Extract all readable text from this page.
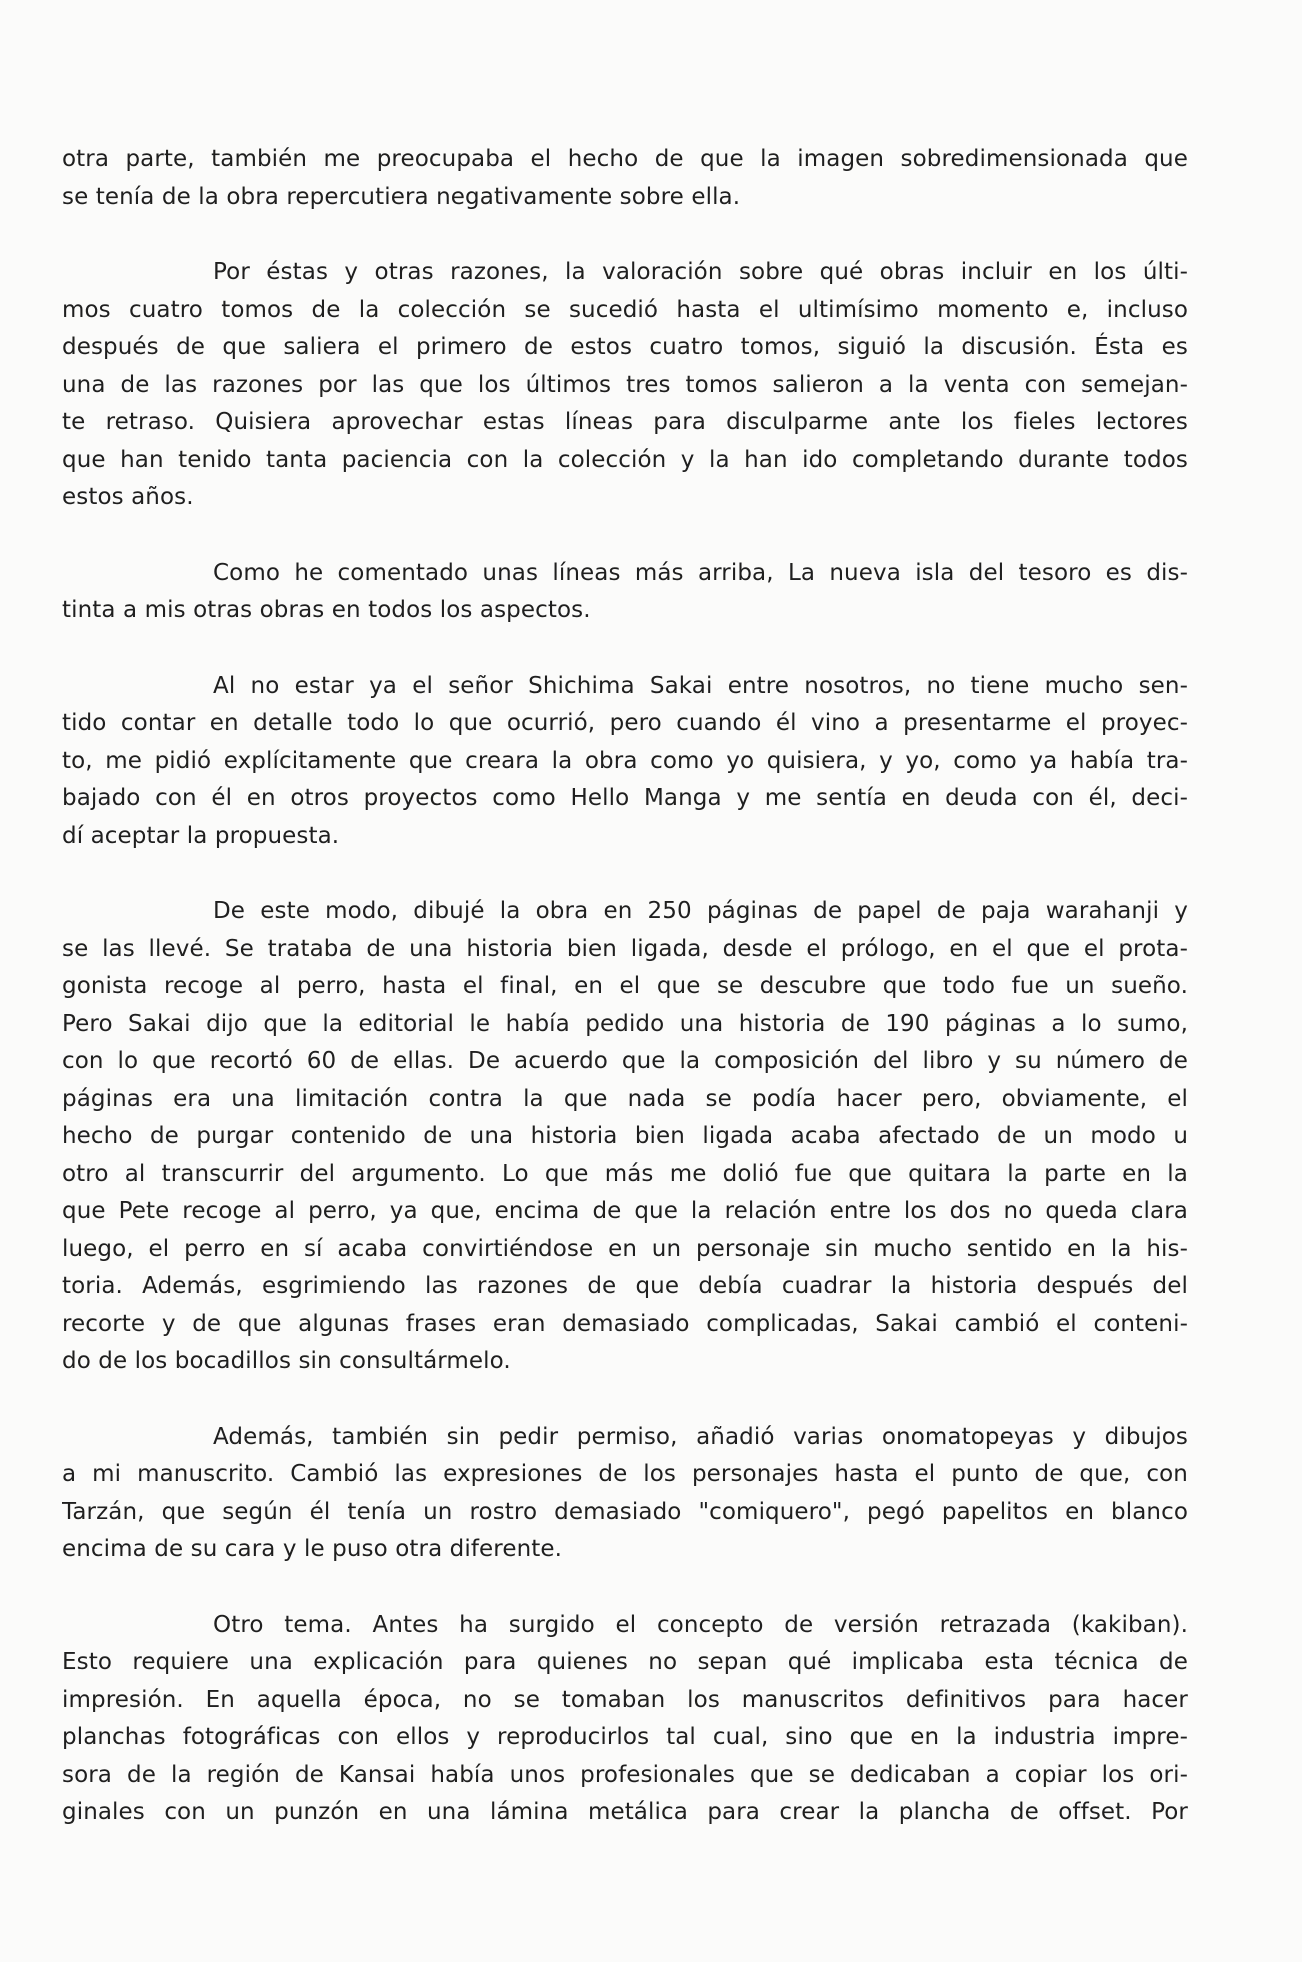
otra parte, también me preocupaba el hecho de que la imagen sobredimensionada que
se tenía de la obra repercutiera negativamente sobre ella.
Por éstas y otras razones, la valoración sobre qué obras incluir en los últi-
mos cuatro tomos de la colección se sucedió hasta el ultimísimo momento e, incluso
después de que saliera el primero de estos cuatro tomos, siguió la discusión. Ésta es
una de las razones por las que los últimos tres tomos salieron a la venta con semejan-
te retraso. Quisiera aprovechar estas líneas para disculparme ante los fieles lectores
que han tenido tanta paciencia con la colección y la han ido completando durante todos
estos años.
Como he comentado unas líneas más arriba, La nueva isla del tesoro es dis-
tinta a mis otras obras en todos los aspectos.
Al no estar ya el señor Shichima Sakai entre nosotros, no tiene mucho sen-
tido contar en detalle todo lo que ocurrió, pero cuando él vino a presentarme el proyec-
to, me pidió explícitamente que creara la obra como yo quisiera, y yo, como ya había tra-
bajado con él en otros proyectos como Hello Manga y me sentía en deuda con él, deci-
dí aceptar la propuesta.
De este modo, dibujé la obra en 250 páginas de papel de paja warahanji y
se las llevé. Se trataba de una historia bien ligada, desde el prólogo, en el que el prota-
gonista recoge al perro, hasta el final, en el que se descubre que todo fue un sueño.
Pero Sakai dijo que la editorial le había pedido una historia de 190 páginas a lo sumo,
con lo que recortó 60 de ellas. De acuerdo que la composición del libro y su número de
páginas era una limitación contra la que nada se podía hacer pero, obviamente, el
hecho de purgar contenido de una historia bien ligada acaba afectado de un modo u
otro al transcurrir del argumento. Lo que más me dolió fue que quitara la parte en la
que Pete recoge al perro, ya que, encima de que la relación entre los dos no queda clara
luego, el perro en sí acaba convirtiéndose en un personaje sin mucho sentido en la his-
toria. Además, esgrimiendo las razones de que debía cuadrar la historia después del
recorte y de que algunas frases eran demasiado complicadas, Sakai cambió el conteni-
do de los bocadillos sin consultármelo.
Además, también sin pedir permiso, añadió varias onomatopeyas y dibujos
a mi manuscrito. Cambió las expresiones de los personajes hasta el punto de que, con
Tarzán, que según él tenía un rostro demasiado "comiquero", pegó papelitos en blanco
encima de su cara y le puso otra diferente.
Otro tema. Antes ha surgido el concepto de versión retrazada (kakiban).
Esto requiere una explicación para quienes no sepan qué implicaba esta técnica de
impresión. En aquella época, no se tomaban los manuscritos definitivos para hacer
planchas fotográficas con ellos y reproducirlos tal cual, sino que en la industria impre-
sora de la región de Kansai había unos profesionales que se dedicaban a copiar los ori-
ginales con un punzón en una lámina metálica para crear la plancha de offset. Por
